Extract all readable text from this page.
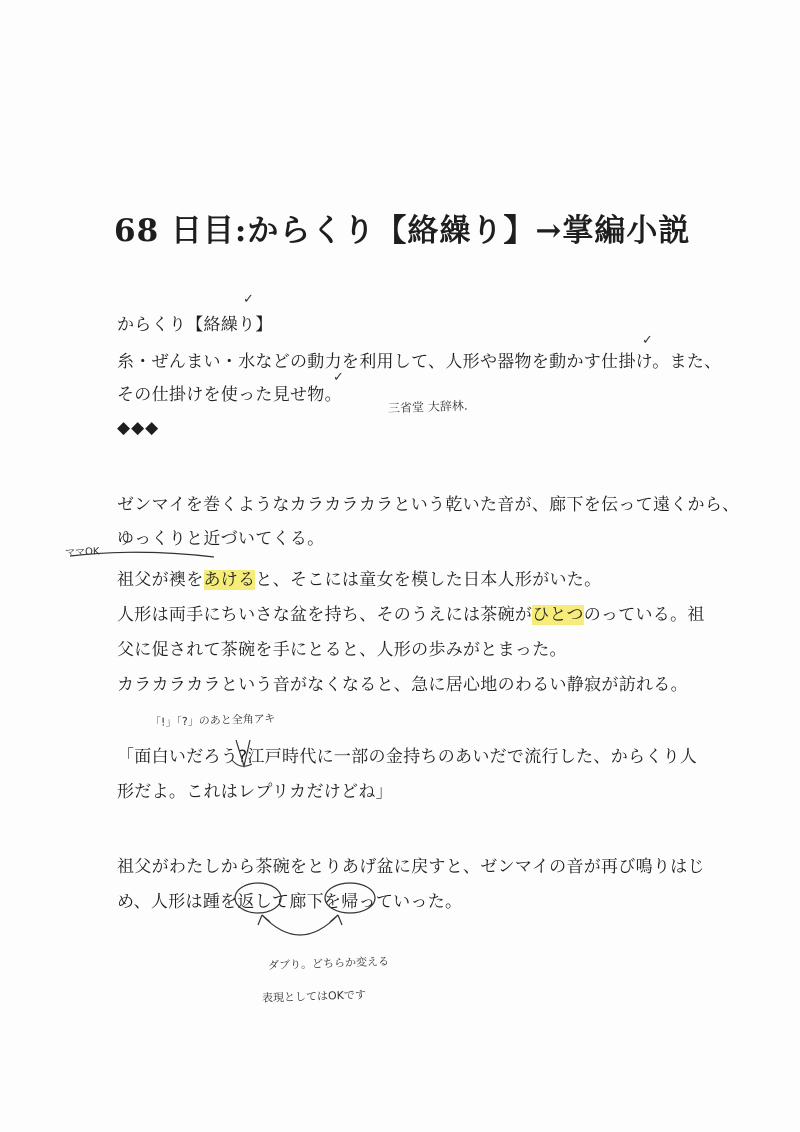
68 日目:からくり【絡繰り】→掌編小説
からくり【絡繰り】
糸・ぜんまい・水などの動力を利用して、人形や器物を動かす仕掛け。また、
その仕掛けを使った見せ物。
◆◆◆
✓
✓
✓
三省堂 大辞林.
ゼンマイを巻くようなカラカラカラという乾いた音が、廊下を伝って遠くから、
ゆっくりと近づいてくる。
ママOK
祖父が襖をあけると、そこには童女を模した日本人形がいた。
人形は両手にちいさな盆を持ち、そのうえには茶碗がひとつのっている。祖
父に促されて茶碗を手にとると、人形の歩みがとまった。
カラカラカラという音がなくなると、急に居心地のわるい静寂が訪れる。
「!」「?」のあと全角アキ
「面白いだろう?江戸時代に一部の金持ちのあいだで流行した、からくり人
形だよ。これはレプリカだけどね」
祖父がわたしから茶碗をとりあげ盆に戻すと、ゼンマイの音が再び鳴りはじ
め、人形は踵を返して廊下を帰っていった。
ダブり。どちらか変える
表現としてはOKです
